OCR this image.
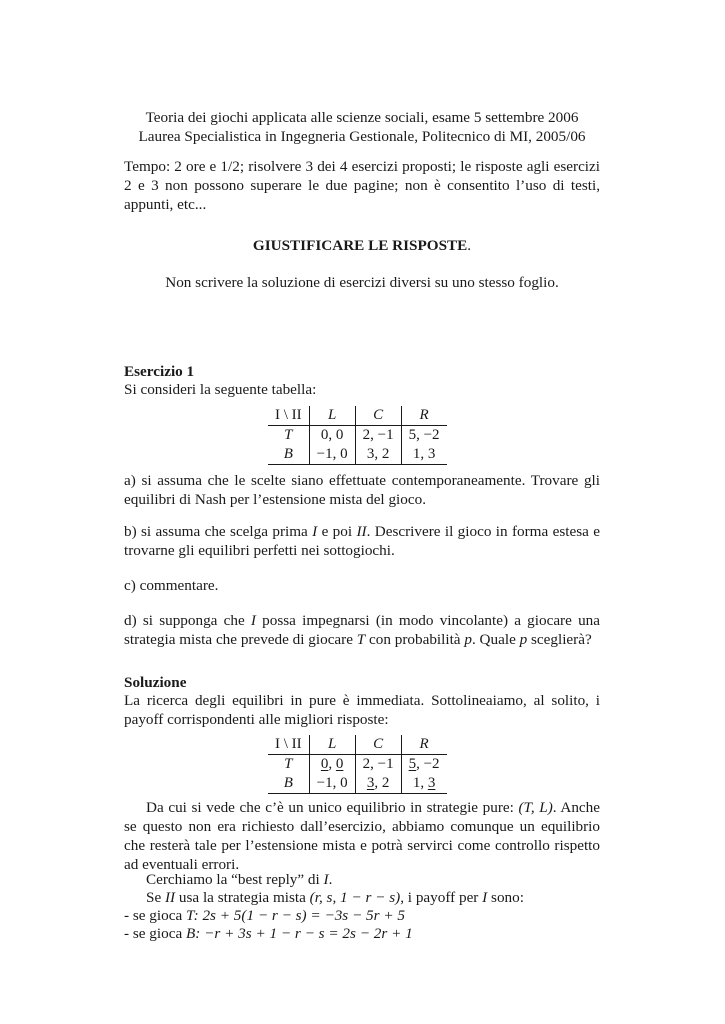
Teoria dei giochi applicata alle scienze sociali, esame 5 settembre 2006
Laurea Specialistica in Ingegneria Gestionale, Politecnico di MI, 2005/06
Tempo: 2 ore e 1/2; risolvere 3 dei 4 esercizi proposti; le risposte agli esercizi 2 e 3 non possono superare le due pagine; non è consentito l’uso di testi, appunti, etc...
GIUSTIFICARE LE RISPOSTE.
Non scrivere la soluzione di esercizi diversi su uno stesso foglio.
Esercizio 1
Si consideri la seguente tabella:
I \ II	L	C	R
T	0, 0	2, −1	5, −2
B	−1, 0	3, 2	1, 3
a) si assuma che le scelte siano effettuate contemporaneamente. Trovare gli equilibri di Nash per l’estensione mista del gioco.
b) si assuma che scelga prima I e poi II. Descrivere il gioco in forma estesa e trovarne gli equilibri perfetti nei sottogiochi.
c) commentare.
d) si supponga che I possa impegnarsi (in modo vincolante) a giocare una strategia mista che prevede di giocare T con probabilità p. Quale p sceglierà?
Soluzione
La ricerca degli equilibri in pure è immediata. Sottolineaiamo, al solito, i payoff corrispondenti alle migliori risposte:
I \ II	L	C	R
T	0, 0	2, −1	5, −2
B	−1, 0	3, 2	1, 3
Da cui si vede che c’è un unico equilibrio in strategie pure: (T, L). Anche se questo non era richiesto dall’esercizio, abbiamo comunque un equilibrio che resterà tale per l’estensione mista e potrà servirci come controllo rispetto ad eventuali errori.
Cerchiamo la “best reply” di I.
Se II usa la strategia mista (r, s, 1 − r − s), i payoff per I sono:
- se gioca T: 2s + 5(1 − r − s) = −3s − 5r + 5
- se gioca B: −r + 3s + 1 − r − s = 2s − 2r + 1
